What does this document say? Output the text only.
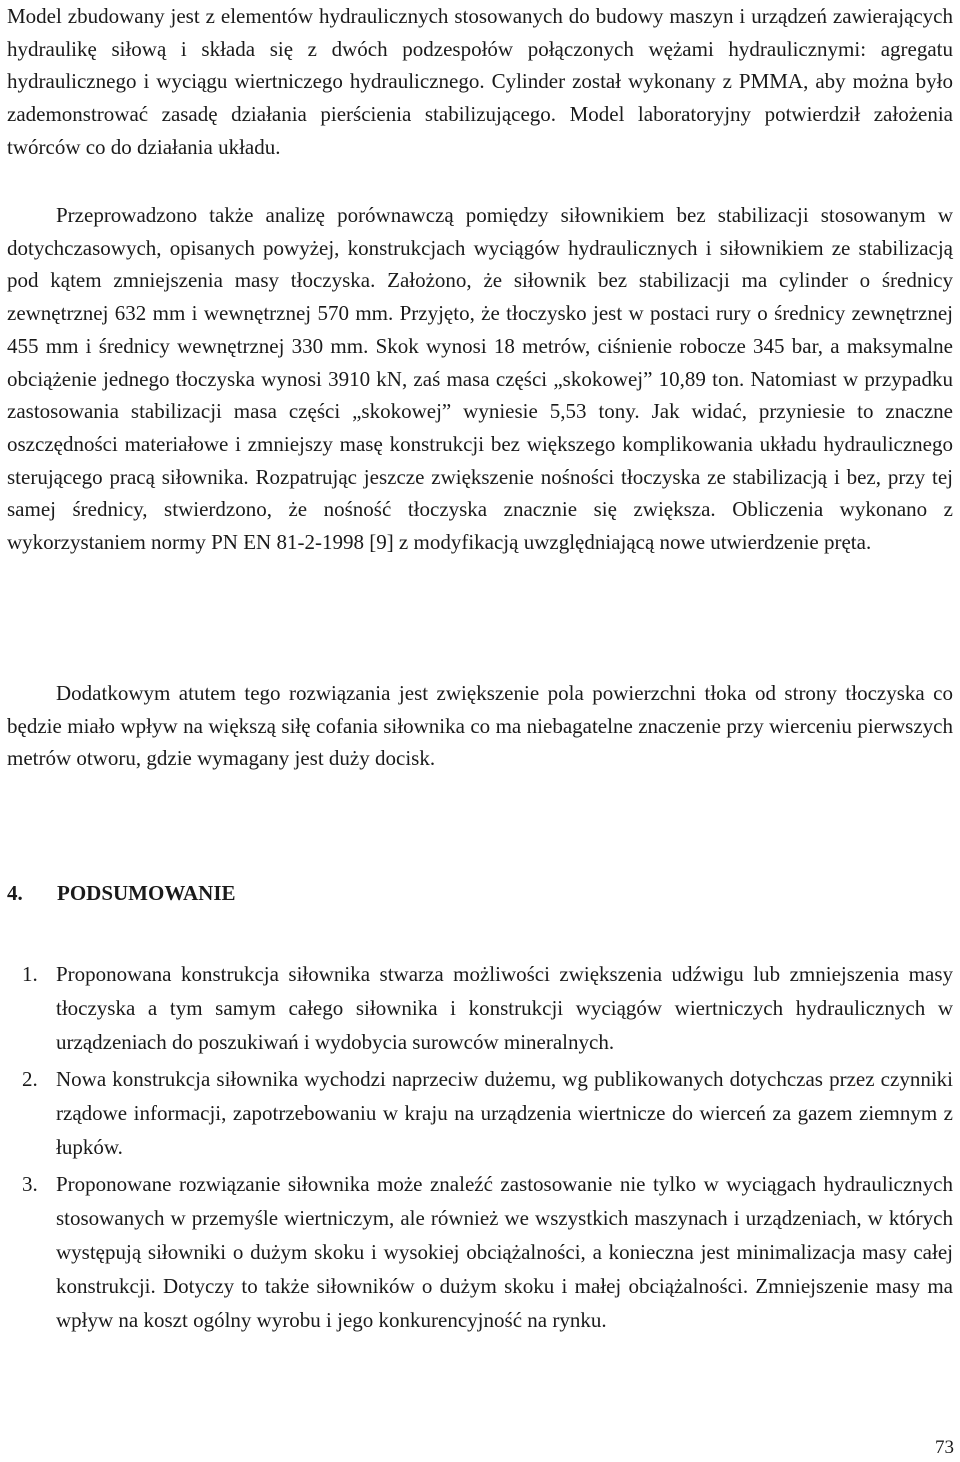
Model zbudowany jest z elementów hydraulicznych stosowanych do budowy maszyn i urządzeń zawierających hydraulikę siłową i składa się z dwóch podzespołów połączonych wężami hydraulicznymi: agregatu hydraulicznego i wyciągu wiertniczego hydraulicznego. Cylinder został wykonany z PMMA, aby można było zademonstrować zasadę działania pierścienia stabilizującego. Model laboratoryjny potwierdził założenia twórców co do działania układu.

Przeprowadzono także analizę porównawczą pomiędzy siłownikiem bez stabilizacji stosowanym w dotychczasowych, opisanych powyżej, konstrukcjach wyciągów hydraulicznych i siłownikiem ze stabilizacją pod kątem zmniejszenia masy tłoczyska. Założono, że siłownik bez stabilizacji ma cylinder o średnicy zewnętrznej 632 mm i wewnętrznej 570 mm. Przyjęto, że tłoczysko jest w postaci rury o średnicy zewnętrznej 455 mm i średnicy wewnętrznej 330 mm. Skok wynosi 18 metrów, ciśnienie robocze 345 bar, a maksymalne obciążenie jednego tłoczyska wynosi 3910 kN, zaś masa części „skokowej” 10,89 ton. Natomiast w przypadku zastosowania stabilizacji masa części „skokowej” wyniesie 5,53 tony. Jak widać, przyniesie to znaczne oszczędności materiałowe i zmniejszy masę konstrukcji bez większego komplikowania układu hydraulicznego sterującego pracą siłownika. Rozpatrując jeszcze zwiększenie nośności tłoczyska ze stabilizacją i bez, przy tej samej średnicy, stwierdzono, że nośność tłoczyska znacznie się zwiększa. Obliczenia wykonano z wykorzystaniem normy PN EN 81-2-1998 [9] z modyfikacją uwzględniającą nowe utwierdzenie pręta.

Dodatkowym atutem tego rozwiązania jest zwiększenie pola powierzchni tłoka od strony tłoczyska co będzie miało wpływ na większą siłę cofania siłownika co ma niebagatelne znaczenie przy wierceniu pierwszych metrów otworu, gdzie wymagany jest duży docisk.

4. PODSUMOWANIE
1. Proponowana konstrukcja siłownika stwarza możliwości zwiększenia udźwigu lub zmniejszenia masy tłoczyska a tym samym całego siłownika i konstrukcji wyciągów wiertniczych hydraulicznych w urządzeniach do poszukiwań i wydobycia surowców mineralnych.
2. Nowa konstrukcja siłownika wychodzi naprzeciw dużemu, wg publikowanych dotychczas przez czynniki rządowe informacji, zapotrzebowaniu w kraju na urządzenia wiertnicze do wierceń za gazem ziemnym z łupków.
3. Proponowane rozwiązanie siłownika może znaleźć zastosowanie nie tylko w wyciągach hydraulicznych stosowanych w przemyśle wiertniczym, ale również we wszystkich maszynach i urządzeniach, w których występują siłowniki o dużym skoku i wysokiej obciążalności, a konieczna jest minimalizacja masy całej konstrukcji. Dotyczy to także siłowników o dużym skoku i małej obciążalności. Zmniejszenie masy ma wpływ na koszt ogólny wyrobu i jego konkurencyjność na rynku.
73
